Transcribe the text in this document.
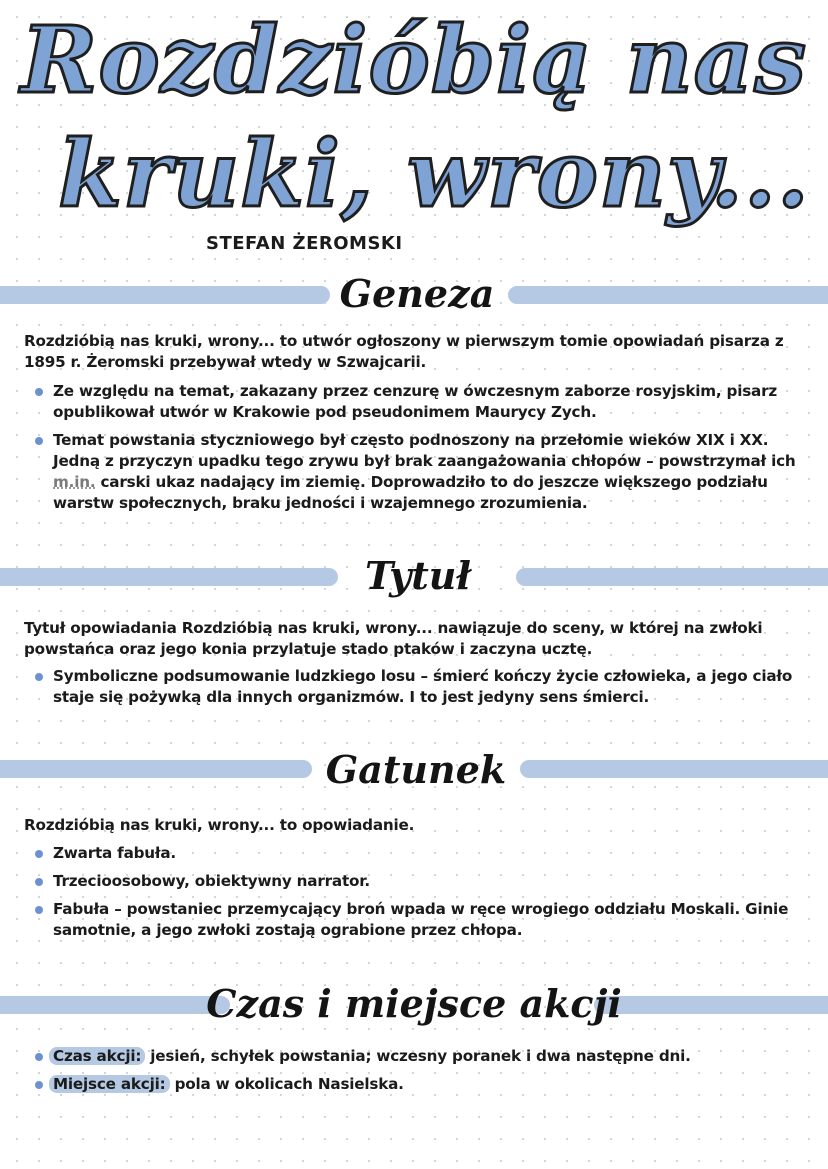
Rozdzióbią nas
kruki, wrony...
STEFAN ŻEROMSKI
Geneza
Rozdzióbią nas kruki, wrony... to utwór ogłoszony w pierwszym tomie opowiadań pisarza z 1895 r. Żeromski przebywał wtedy w Szwajcarii.
Ze względu na temat, zakazany przez cenzurę w ówczesnym zaborze rosyjskim, pisarz opublikował utwór w Krakowie pod pseudonimem Maurycy Zych.
Temat powstania styczniowego był często podnoszony na przełomie wieków XIX i XX. Jedną z przyczyn upadku tego zrywu był brak zaangażowania chłopów – powstrzymał ich m.in. carski ukaz nadający im ziemię. Doprowadziło to do jeszcze większego podziału warstw społecznych, braku jedności i wzajemnego zrozumienia.
Tytuł
Tytuł opowiadania Rozdzióbią nas kruki, wrony... nawiązuje do sceny, w której na zwłoki powstańca oraz jego konia przylatuje stado ptaków i zaczyna ucztę.
Symboliczne podsumowanie ludzkiego losu – śmierć kończy życie człowieka, a jego ciało staje się pożywką dla innych organizmów. I to jest jedyny sens śmierci.
Gatunek
Rozdzióbią nas kruki, wrony... to opowiadanie.
Zwarta fabuła.
Trzecioosobowy, obiektywny narrator.
Fabuła – powstaniec przemycający broń wpada w ręce wrogiego oddziału Moskali. Ginie samotnie, a jego zwłoki zostają ograbione przez chłopa.
Czas i miejsce akcji
Czas akcji: jesień, schyłek powstania; wczesny poranek i dwa następne dni.
Miejsce akcji: pola w okolicach Nasielska.
